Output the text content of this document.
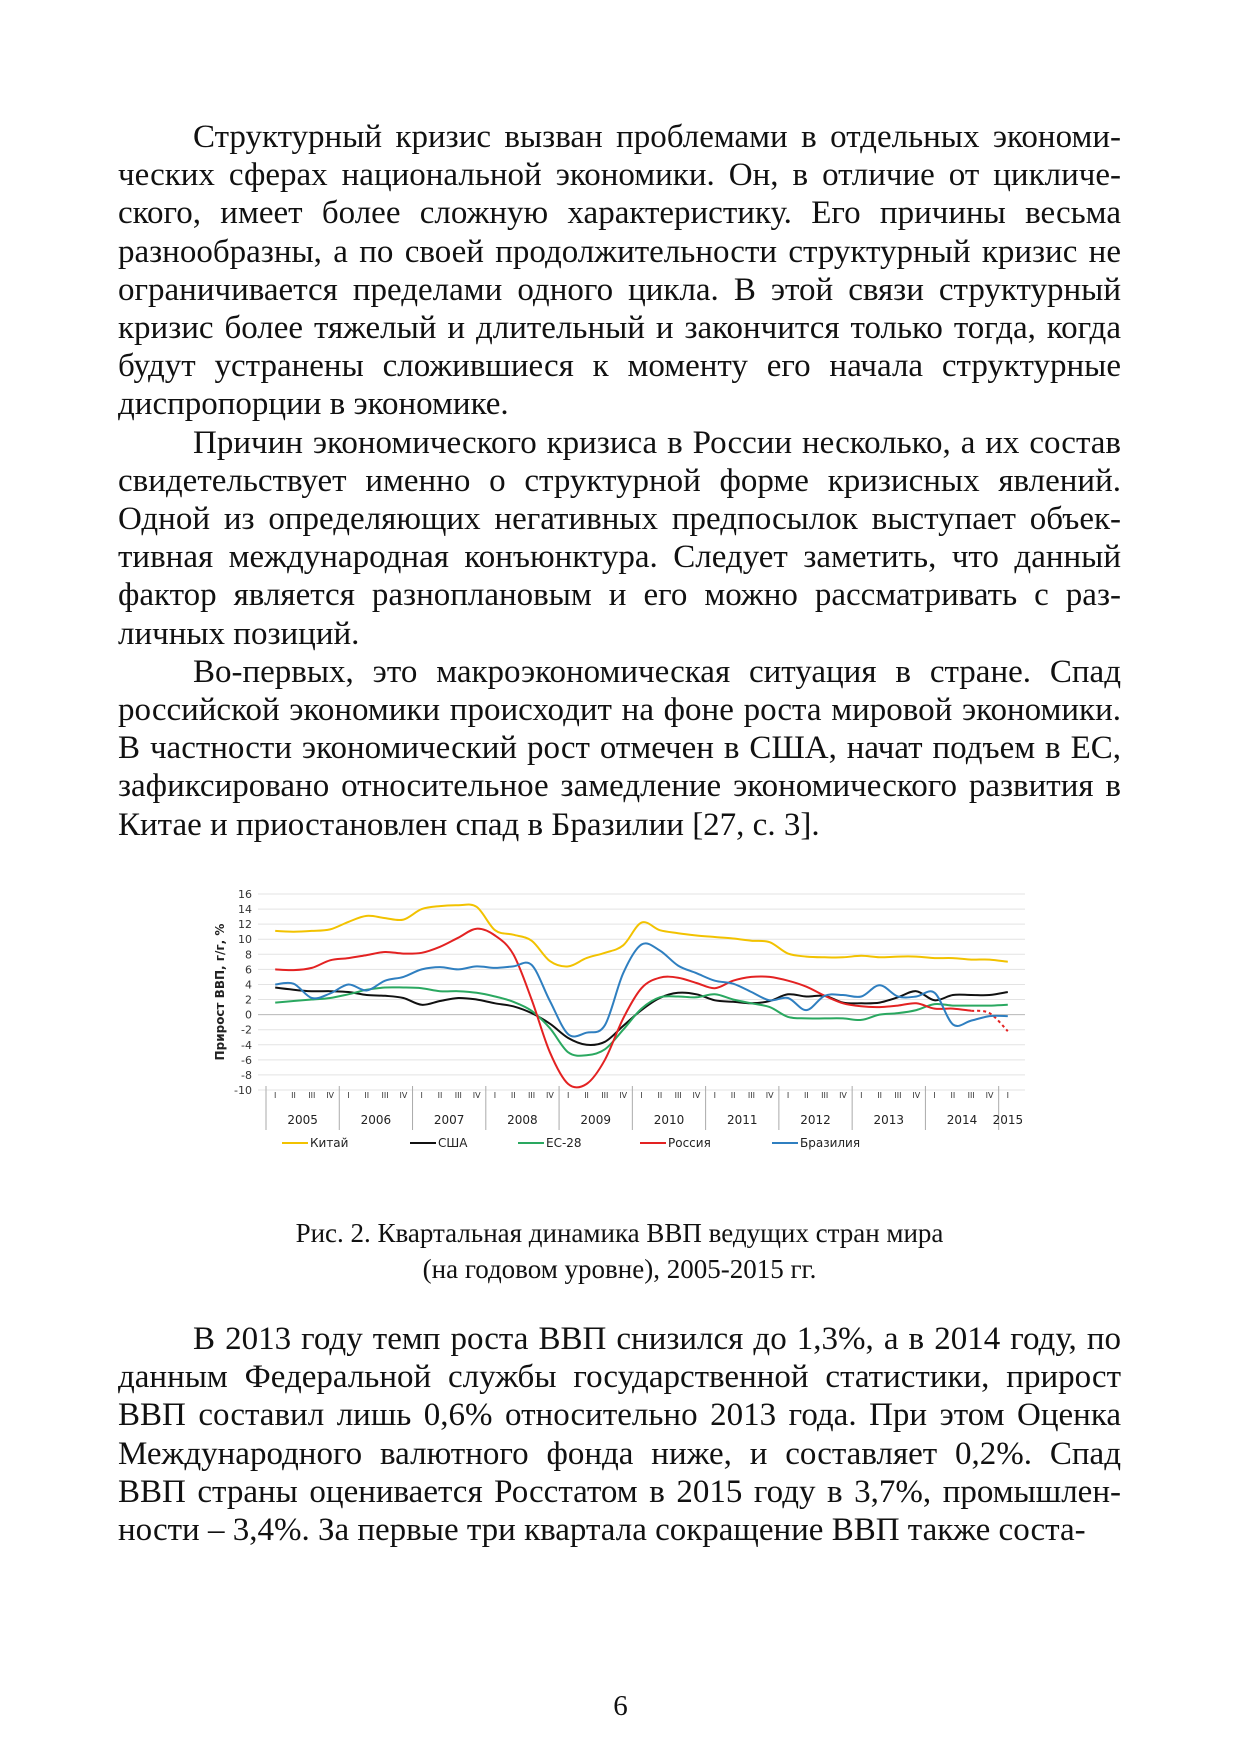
Структурный кризис вызван проблемами в отдельных экономических сферах национальной экономики. Он, в отличие от циклического, имеет более сложную характеристику. Его причины весьма разнообразны, а по своей продолжительности структурный кризис не ограничивается пределами одного цикла. В этой связи структурный кризис более тяжелый и длительный и закончится только тогда, когда будут устранены сложившиеся к моменту его начала структурные диспропорции в экономике.

Причин экономического кризиса в России несколько, а их состав свидетельствует именно о структурной форме кризисных явлений. Одной из определяющих негативных предпосылок выступает объективная международная конъюнктура. Следует заметить, что данный фактор является разноплановым и его можно рассматривать с различных позиций.

Во-первых, это макроэкономическая ситуация в стране. Спад российской экономики происходит на фоне роста мировой экономики. В частности экономический рост отмечен в США, начат подъем в ЕС, зафиксировано относительное замедление экономического развития в Китае и приостановлен спад в Бразилии [27, с. 3].

16
14
12
10
8
6
4
2
0
-2
-4
-6
-8
-10
Прирост ВВП, г/г, %
I II III IV I II III IV I II III IV I II III IV I II III IV I II III IV I II III IV I II III IV I II III IV I II III IV I
2005	2006	2007	2008	2009	2010	2011	2012	2013	2014 2015
Китай	США	ЕС-28	Россия	Бразилия
Рис. 2. Квартальная динамика ВВП ведущих стран мира
(на годовом уровне), 2005-2015 гг.

В 2013 году темп роста ВВП снизился до 1,3%, а в 2014 году, по данным Федеральной службы государственной статистики, прирост ВВП составил лишь 0,6% относительно 2013 года. При этом Оценка Международного валютного фонда ниже, и составляет 0,2%. Спад ВВП страны оценивается Росстатом в 2015 году в 3,7%, промышленности – 3,4%. За первые три квартала сокращение ВВП также соста-

6
